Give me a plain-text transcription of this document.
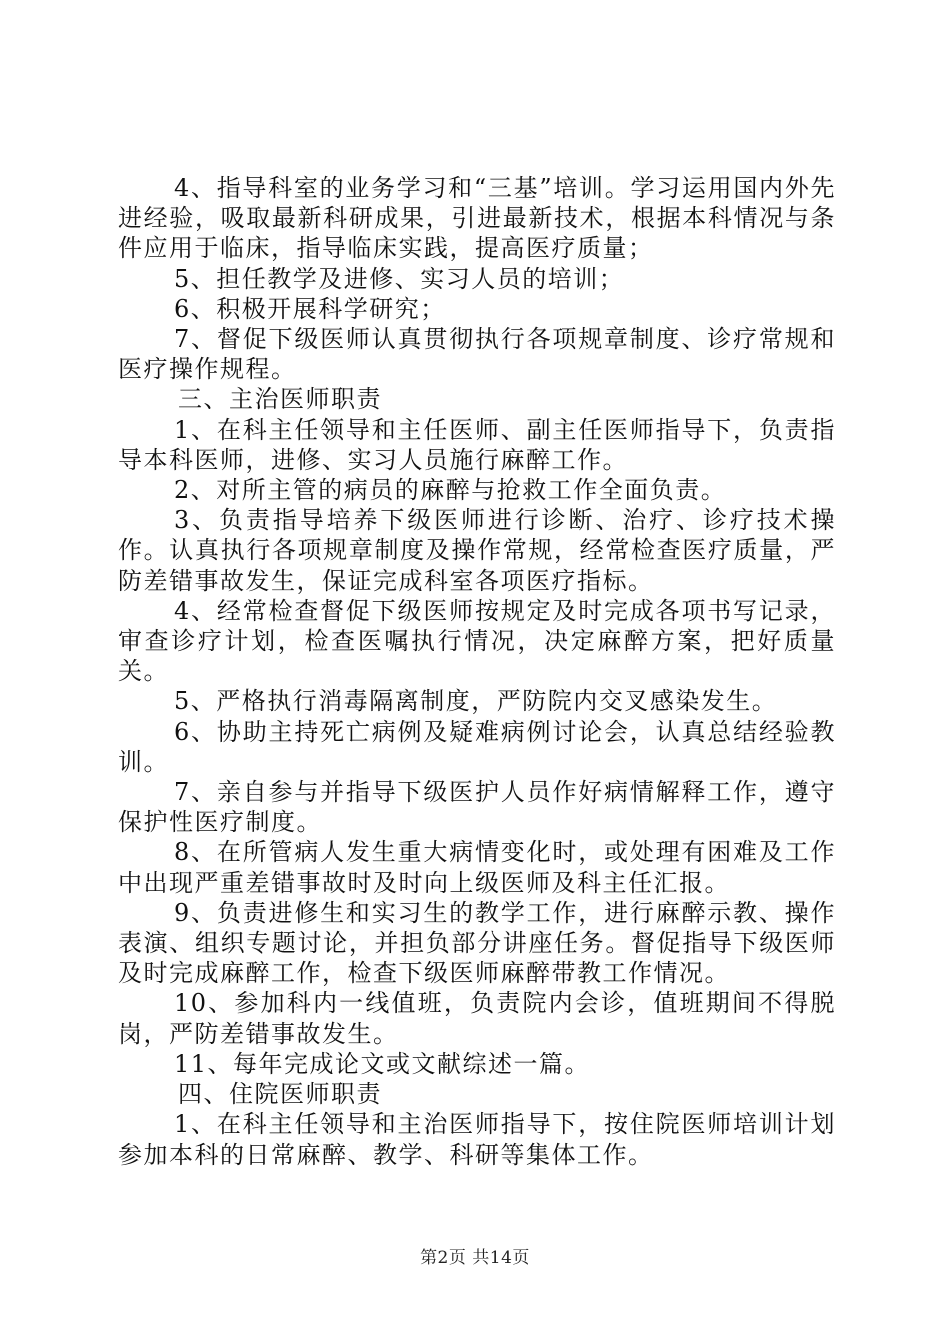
4、指导科室的业务学习和“三基”培训。学习运用国内外先进经验，吸取最新科研成果，引进最新技术，根据本科情况与条件应用于临床，指导临床实践，提高医疗质量；

5、担任教学及进修、实习人员的培训；

6、积极开展科学研究；

7、督促下级医师认真贯彻执行各项规章制度、诊疗常规和医疗操作规程。

三、主治医师职责

1、在科主任领导和主任医师、副主任医师指导下，负责指导本科医师，进修、实习人员施行麻醉工作。

2、对所主管的病员的麻醉与抢救工作全面负责。

3、负责指导培养下级医师进行诊断、治疗、诊疗技术操作。认真执行各项规章制度及操作常规，经常检查医疗质量，严防差错事故发生，保证完成科室各项医疗指标。

4、经常检查督促下级医师按规定及时完成各项书写记录，审查诊疗计划，检查医嘱执行情况，决定麻醉方案，把好质量关。

5、严格执行消毒隔离制度，严防院内交叉感染发生。

6、协助主持死亡病例及疑难病例讨论会，认真总结经验教训。

7、亲自参与并指导下级医护人员作好病情解释工作，遵守保护性医疗制度。

8、在所管病人发生重大病情变化时，或处理有困难及工作中出现严重差错事故时及时向上级医师及科主任汇报。

9、负责进修生和实习生的教学工作，进行麻醉示教、操作表演、组织专题讨论，并担负部分讲座任务。督促指导下级医师及时完成麻醉工作，检查下级医师麻醉带教工作情况。

10、参加科内一线值班，负责院内会诊，值班期间不得脱岗，严防差错事故发生。

11、每年完成论文或文献综述一篇。

四、住院医师职责

1、在科主任领导和主治医师指导下，按住院医师培训计划参加本科的日常麻醉、教学、科研等集体工作。

第2页 共14页
